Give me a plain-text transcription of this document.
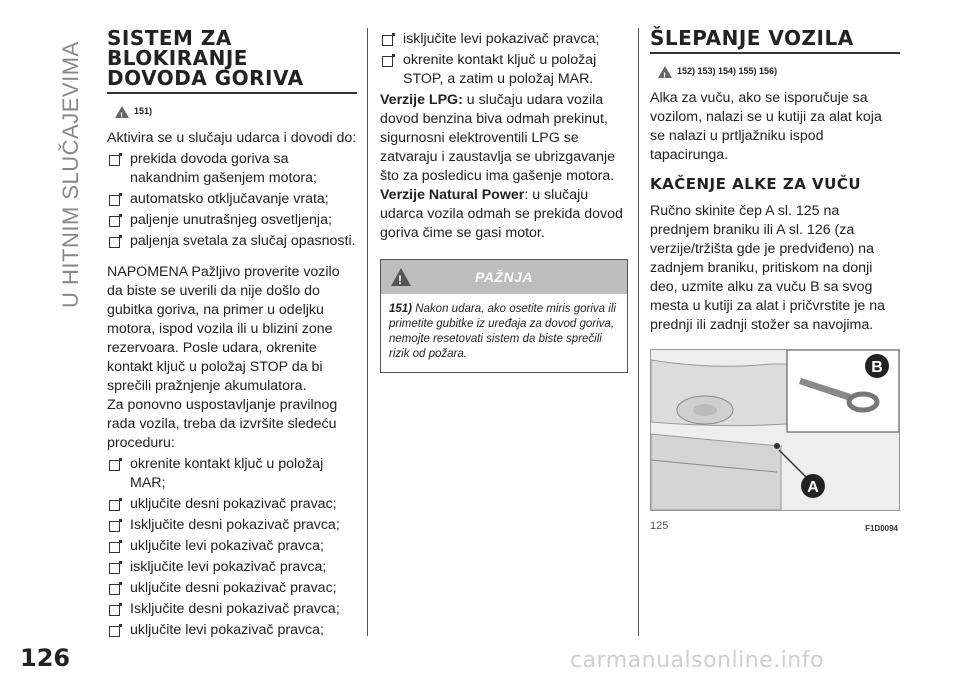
U HITNIM SLUČAJEVIMA
SISTEM ZA
BLOKIRANJE
DOVODA GORIVA
!
151)

Aktivira se u slučaju udarca i dovodi do:

prekida dovoda goriva sa nakandnim gašenjem motora;
automatsko otključavanje vrata;
paljenje unutrašnjeg osvetljenja;
paljenja svetala za slučaj opasnosti.

NAPOMENA Pažljivo proverite vozilo da biste se uverili da nije došlo do gubitka goriva, na primer u odeljku motora, ispod vozila ili u blizini zone rezervoara. Posle udara, okrenite kontakt ključ u položaj STOP da bi sprečili pražnjenje akumulatora.

Za ponovno uspostavljanje pravilnog rada vozila, treba da izvršite sledeću proceduru:

okrenite kontakt ključ u položaj MAR;
uključite desni pokazivač pravac;
Isključite desni pokazivač pravca;
uključite levi pokazivač pravca;
isključite levi pokazivač pravca;
uključite desni pokazivač pravac;
Isključite desni pokazivač pravca;
uključite levi pokazivač pravca;
isključite levi pokazivač pravca;
okrenite kontakt ključ u položaj STOP, a zatim u položaj MAR.

Verzije LPG: u slučaju udara vozila dovod benzina biva odmah prekinut, sigurnosni elektroventili LPG se zatvaraju i zaustavlja se ubrizgavanje što za posledicu ima gašenje motora.

Verzije Natural Power: u slučaju udarca vozila odmah se prekida dovod goriva čime se gasi motor.

!
PAŽNJA
151) Nakon udara, ako osetite miris goriva ili primetite gubitke iz uređaja za dovod goriva, nemojte resetovati sistem da biste sprečili rizik od požara.
ŠLEPANJE VOZILA
!
152) 153) 154) 155) 156)

Alka za vuču, ako se isporučuje sa vozilom, nalazi se u kutiji za alat koja se nalazi u prtljažniku ispod tapacirunga.

KAČENJE ALKE ZA VUČU

Ručno skinite čep A sl. 125 na prednjem braniku ili A sl. 126 (za verzije/tržišta gde je predviđeno) na zadnjem braniku, pritiskom na donji deo, uzmite alku za vuču B sa svog mesta u kutiji za alat i pričvrstite je na prednji ili zadnji stožer sa navojima.

B
A
125	F1D0094
126	carmanualsonline.info
